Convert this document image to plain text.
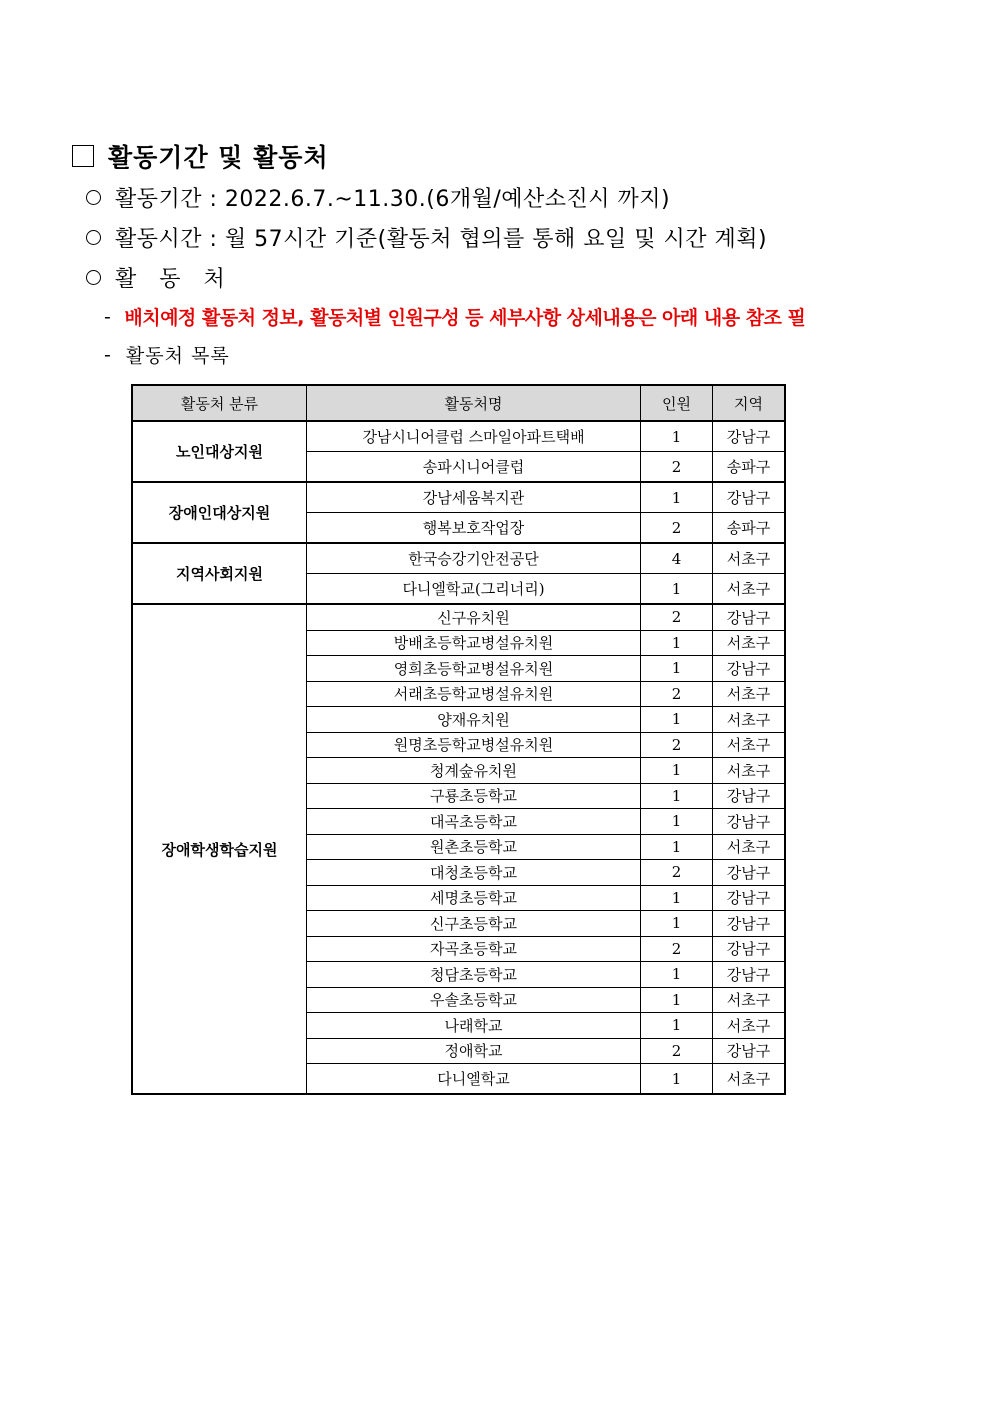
활동기간 및 활동처
활동기간 : 2022.6.7.~11.30.(6개월/예산소진시 까지)
활동시간 : 월 57시간 기준(활동처 협의를 통해 요일 및 시간 계획)
활 동 처
- 배치예정 활동처 정보, 활동처별 인원구성 등 세부사항 상세내용은 아래 내용 참조 필
- 활동처 목록
활동처 분류	활동처명	인원	지역
노인대상지원	강남시니어클럽 스마일아파트택배	1	강남구
	송파시니어클럽	2	송파구
장애인대상지원	강남세움복지관	1	강남구
	행복보호작업장	2	송파구
지역사회지원	한국승강기안전공단	4	서초구
	다니엘학교(그리너리)	1	서초구
장애학생학습지원	신구유치원	2	강남구
	방배초등학교병설유치원	1	서초구
	영희초등학교병설유치원	1	강남구
	서래초등학교병설유치원	2	서초구
	양재유치원	1	서초구
	원명초등학교병설유치원	2	서초구
	청계숲유치원	1	서초구
	구룡초등학교	1	강남구
	대곡초등학교	1	강남구
	원촌초등학교	1	서초구
	대청초등학교	2	강남구
	세명초등학교	1	강남구
	신구초등학교	1	강남구
	자곡초등학교	2	강남구
	청담초등학교	1	강남구
	우솔초등학교	1	서초구
	나래학교	1	서초구
	정애학교	2	강남구
	다니엘학교	1	서초구
